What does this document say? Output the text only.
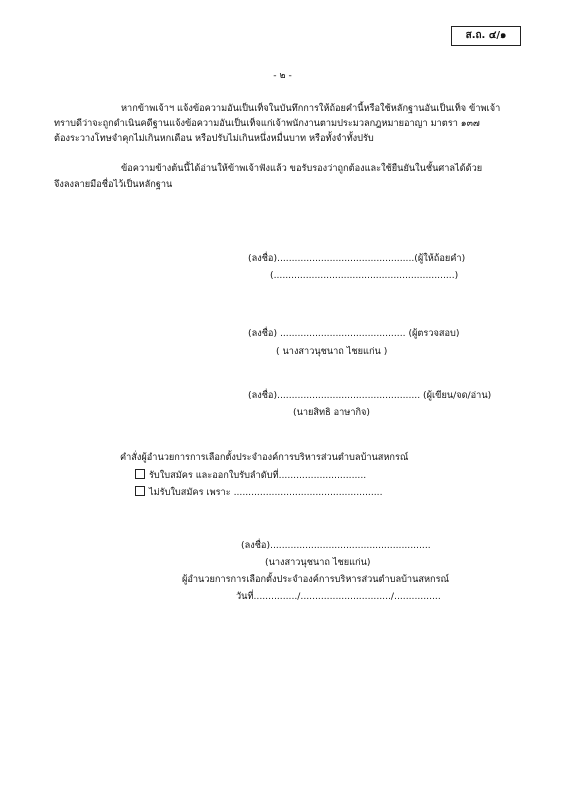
ส.ถ. ๔/๑
- ๒ -
หากข้าพเจ้าฯ แจ้งข้อความอันเป็นเท็จในบันทึกการให้ถ้อยคำนี้หรือใช้หลักฐานอันเป็นเท็จ ข้าพเจ้า
ทราบดีว่าจะถูกดำเนินคดีฐานแจ้งข้อความอันเป็นเท็จแก่เจ้าพนักงานตามประมวลกฎหมายอาญา มาตรา ๑๓๗
ต้องระวางโทษจำคุกไม่เกินหกเดือน หรือปรับไม่เกินหนึ่งหมื่นบาท หรือทั้งจำทั้งปรับ
ข้อความข้างต้นนี้ได้อ่านให้ข้าพเจ้าฟังแล้ว ขอรับรองว่าถูกต้องและใช้ยืนยันในชั้นศาลได้ด้วย
จึงลงลายมือชื่อไว้เป็นหลักฐาน
(ลงชื่อ)...............................................(ผู้ให้ถ้อยคำ)
(..............................................................)
(ลงชื่อ) ........................................... (ผู้ตรวจสอบ)
( นางสาวนุชนาถ ไชยแก่น )
(ลงชื่อ)................................................. (ผู้เขียน/จด/อ่าน)
(นายสิทธิ อาษากิจ)
คำสั่งผู้อำนวยการการเลือกตั้งประจำองค์การบริหารส่วนตำบลบ้านสหกรณ์
รับใบสมัคร และออกใบรับลำดับที่..............................
ไม่รับใบสมัคร เพราะ ...................................................
(ลงชื่อ).......................................................
(นางสาวนุชนาถ ไชยแก่น)
ผู้อำนวยการการเลือกตั้งประจำองค์การบริหารส่วนตำบลบ้านสหกรณ์
วันที่.............../.............................../................
